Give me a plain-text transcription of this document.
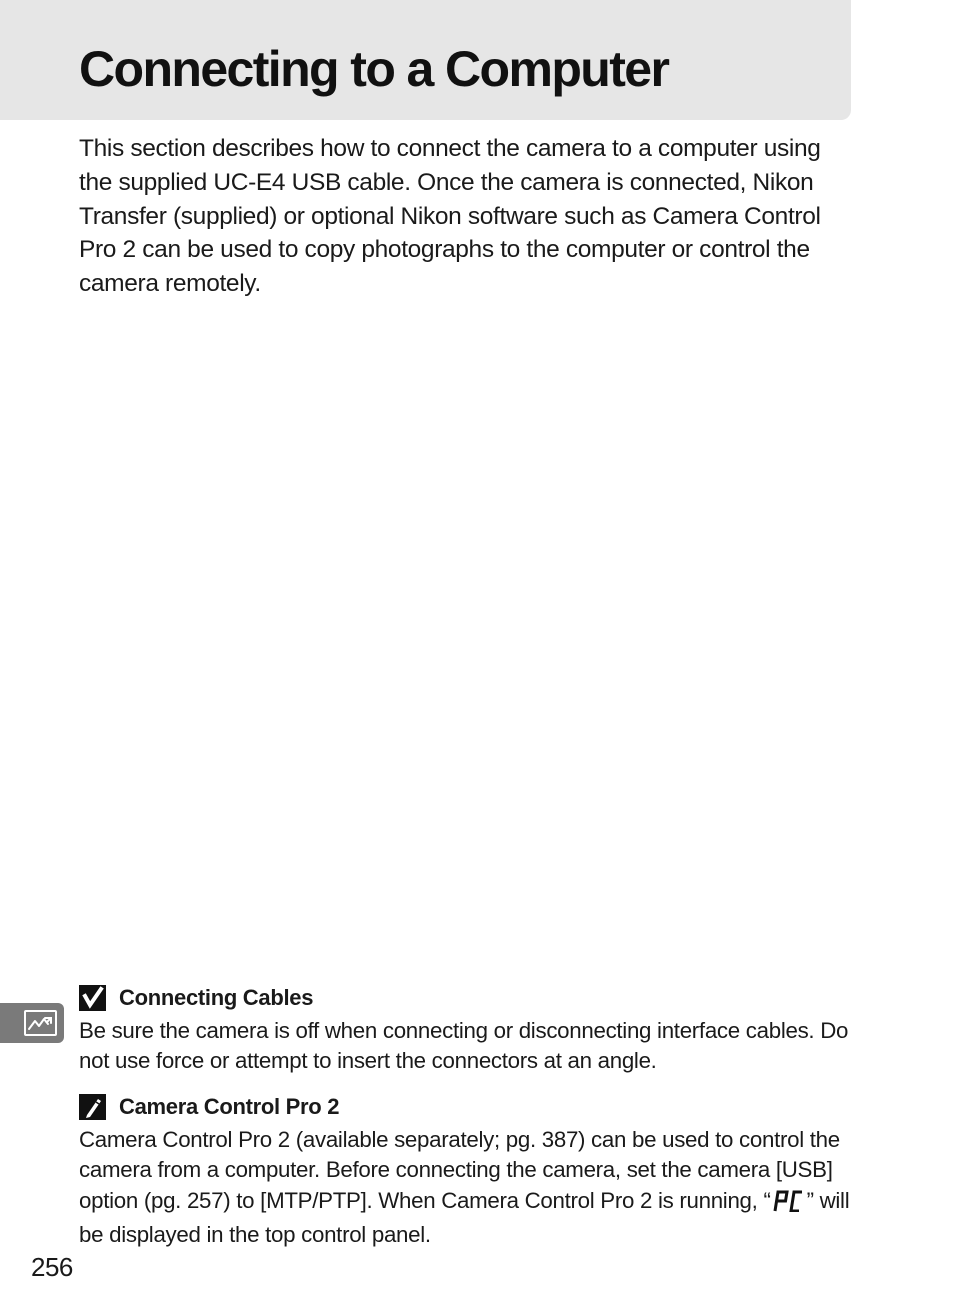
Connecting to a Computer

This section describes how to connect the camera to a computer using the supplied UC-E4 USB cable. Once the camera is connected, Nikon Transfer (supplied) or optional Nikon software such as Camera Control Pro 2 can be used to copy photographs to the computer or control the camera remotely.

Connecting Cables

Be sure the camera is off when connecting or disconnecting interface cables. Do not use force or attempt to insert the connectors at an angle.

Camera Control Pro 2

Camera Control Pro 2 (available separately; pg. 387) can be used to control the camera from a computer. Before connecting the camera, set the camera [USB] option (pg. 257) to [MTP/PTP]. When Camera Control Pro 2 is running, “ ” will be displayed in the top control panel.

256
